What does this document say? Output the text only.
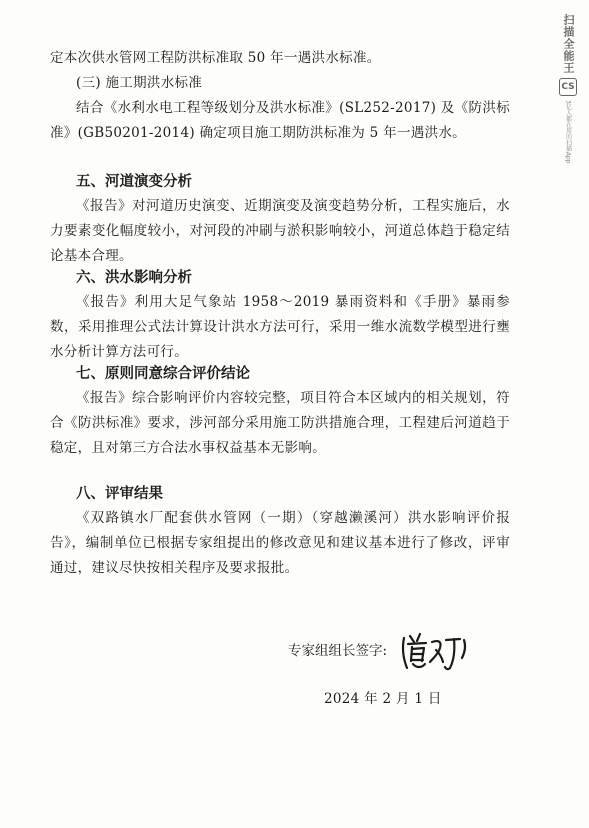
扫描全能王
CS
3亿人都在用的扫描App

定本次供水管网工程防洪标准取 50 年一遇洪水标准。

(三) 施工期洪水标准

结合《水利水电工程等级划分及洪水标准》(SL252-2017) 及《防洪标准》(GB50201-2014) 确定项目施工期防洪标准为 5 年一遇洪水。

五、河道演变分析

《报告》对河道历史演变、近期演变及演变趋势分析，工程实施后，水力要素变化幅度较小，对河段的冲刷与淤积影响较小，河道总体趋于稳定结论基本合理。

六、洪水影响分析

《报告》利用大足气象站 1958～2019 暴雨资料和《手册》暴雨参数，采用推理公式法计算设计洪水方法可行，采用一维水流数学模型进行壅水分析计算方法可行。

七、原则同意综合评价结论

《报告》综合影响评价内容较完整，项目符合本区域内的相关规划，符合《防洪标准》要求，涉河部分采用施工防洪措施合理，工程建后河道趋于稳定，且对第三方合法水事权益基本无影响。

八、评审结果

《双路镇水厂配套供水管网（一期）（穿越濑溪河）洪水影响评价报告》，编制单位已根据专家组提出的修改意见和建议基本进行了修改，评审通过，建议尽快按相关程序及要求报批。

专家组组长签字:
2024 年 2 月 1 日
